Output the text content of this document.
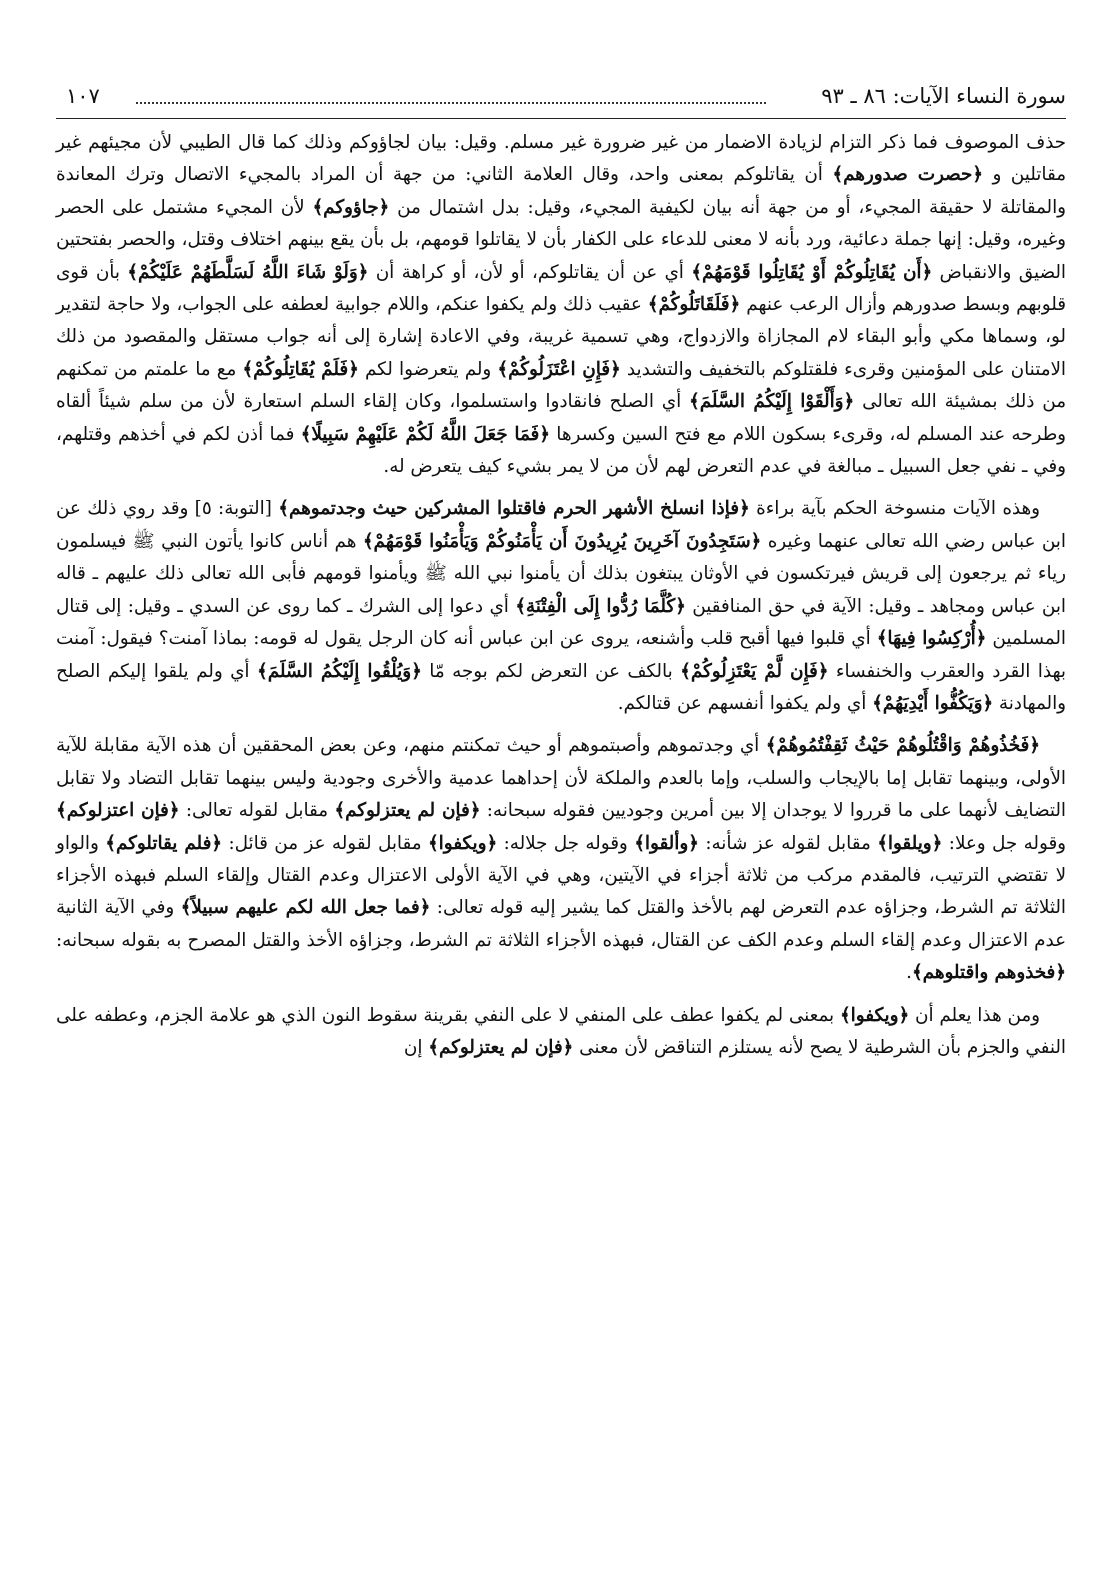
سورة النساء الآيات: ٨٦ ـ ٩٣
١٠٧

حذف الموصوف فما ذكر التزام لزيادة الاضمار من غير ضرورة غير مسلم. وقيل: بيان لجاؤوكم وذلك كما قال الطيبي لأن مجيئهم غير مقاتلين و ﴿حصرت صدورهم﴾ أن يقاتلوكم بمعنى واحد، وقال العلامة الثاني: من جهة أن المراد بالمجيء الاتصال وترك المعاندة والمقاتلة لا حقيقة المجيء، أو من جهة أنه بيان لكيفية المجيء، وقيل: بدل اشتمال من ﴿جاؤوكم﴾ لأن المجيء مشتمل على الحصر وغيره، وقيل: إنها جملة دعائية، ورد بأنه لا معنى للدعاء على الكفار بأن لا يقاتلوا قومهم، بل بأن يقع بينهم اختلاف وقتل، والحصر بفتحتين الضيق والانقباض ﴿أَن يُقَاتِلُوكُمْ أَوْ يُقَاتِلُوا قَوْمَهُمْ﴾ أي عن أن يقاتلوكم، أو لأن، أو كراهة أن ﴿وَلَوْ شَاءَ اللَّهُ لَسَلَّطَهُمْ عَلَيْكُمْ﴾ بأن قوى قلوبهم وبسط صدورهم وأزال الرعب عنهم ﴿فَلَقَاتَلُوكُمْ﴾ عقيب ذلك ولم يكفوا عنكم، واللام جوابية لعطفه على الجواب، ولا حاجة لتقدير لو، وسماها مكي وأبو البقاء لام المجازاة والازدواج، وهي تسمية غريبة، وفي الاعادة إشارة إلى أنه جواب مستقل والمقصود من ذلك الامتنان على المؤمنين وقرىء فلقتلوكم بالتخفيف والتشديد ﴿فَإِنِ اعْتَزَلُوكُمْ﴾ ولم يتعرضوا لكم ﴿فَلَمْ يُقَاتِلُوكُمْ﴾ مع ما علمتم من تمكنهم من ذلك بمشيئة الله تعالى ﴿وَأَلْقَوْا إِلَيْكُمُ السَّلَمَ﴾ أي الصلح فانقادوا واستسلموا، وكان إلقاء السلم استعارة لأن من سلم شيئاً ألقاه وطرحه عند المسلم له، وقرىء بسكون اللام مع فتح السين وكسرها ﴿فَمَا جَعَلَ اللَّهُ لَكُمْ عَلَيْهِمْ سَبِيلًا﴾ فما أذن لكم في أخذهم وقتلهم، وفي ـ نفي جعل السبيل ـ مبالغة في عدم التعرض لهم لأن من لا يمر بشيء كيف يتعرض له.

وهذه الآيات منسوخة الحكم بآية براءة ﴿فإذا انسلخ الأشهر الحرم فاقتلوا المشركين حيث وجدتموهم﴾ [التوبة: ٥] وقد روي ذلك عن ابن عباس رضي الله تعالى عنهما وغيره ﴿سَتَجِدُونَ آخَرِينَ يُرِيدُونَ أَن يَأْمَنُوكُمْ وَيَأْمَنُوا قَوْمَهُمْ﴾ هم أناس كانوا يأتون النبي ﷺ فيسلمون رياء ثم يرجعون إلى قريش فيرتكسون في الأوثان يبتغون بذلك أن يأمنوا نبي الله ﷺ ويأمنوا قومهم فأبى الله تعالى ذلك عليهم ـ قاله ابن عباس ومجاهد ـ وقيل: الآية في حق المنافقين ﴿كُلَّمَا رُدُّوا إِلَى الْفِتْنَةِ﴾ أي دعوا إلى الشرك ـ كما روى عن السدي ـ وقيل: إلى قتال المسلمين ﴿أُرْكِسُوا فِيهَا﴾ أي قلبوا فيها أقبح قلب وأشنعه، يروى عن ابن عباس أنه كان الرجل يقول له قومه: بماذا آمنت؟ فيقول: آمنت بهذا القرد والعقرب والخنفساء ﴿فَإِن لَّمْ يَعْتَزِلُوكُمْ﴾ بالكف عن التعرض لكم بوجه مّا ﴿وَيُلْقُوا إِلَيْكُمُ السَّلَمَ﴾ أي ولم يلقوا إليكم الصلح والمهادنة ﴿وَيَكُفُّوا أَيْدِيَهُمْ﴾ أي ولم يكفوا أنفسهم عن قتالكم.

﴿فَخُذُوهُمْ وَاقْتُلُوهُمْ حَيْثُ ثَقِفْتُمُوهُمْ﴾ أي وجدتموهم وأصبتموهم أو حيث تمكنتم منهم، وعن بعض المحققين أن هذه الآية مقابلة للآية الأولى، وبينهما تقابل إما بالإيجاب والسلب، وإما بالعدم والملكة لأن إحداهما عدمية والأخرى وجودية وليس بينهما تقابل التضاد ولا تقابل التضايف لأنهما على ما قرروا لا يوجدان إلا بين أمرين وجوديين فقوله سبحانه: ﴿فإن لم يعتزلوكم﴾ مقابل لقوله تعالى: ﴿فإن اعتزلوكم﴾ وقوله جل وعلا: ﴿ويلقوا﴾ مقابل لقوله عز شأنه: ﴿وألقوا﴾ وقوله جل جلاله: ﴿ويكفوا﴾ مقابل لقوله عز من قائل: ﴿فلم يقاتلوكم﴾ والواو لا تقتضي الترتيب، فالمقدم مركب من ثلاثة أجزاء في الآيتين، وهي في الآية الأولى الاعتزال وعدم القتال وإلقاء السلم فبهذه الأجزاء الثلاثة تم الشرط، وجزاؤه عدم التعرض لهم بالأخذ والقتل كما يشير إليه قوله تعالى: ﴿فما جعل الله لكم عليهم سبيلاً﴾ وفي الآية الثانية عدم الاعتزال وعدم إلقاء السلم وعدم الكف عن القتال، فبهذه الأجزاء الثلاثة تم الشرط، وجزاؤه الأخذ والقتل المصرح به بقوله سبحانه: ﴿فخذوهم واقتلوهم﴾.

ومن هذا يعلم أن ﴿ويكفوا﴾ بمعنى لم يكفوا عطف على المنفي لا على النفي بقرينة سقوط النون الذي هو علامة الجزم، وعطفه على النفي والجزم بأن الشرطية لا يصح لأنه يستلزم التناقض لأن معنى ﴿فإن لم يعتزلوكم﴾ إن
